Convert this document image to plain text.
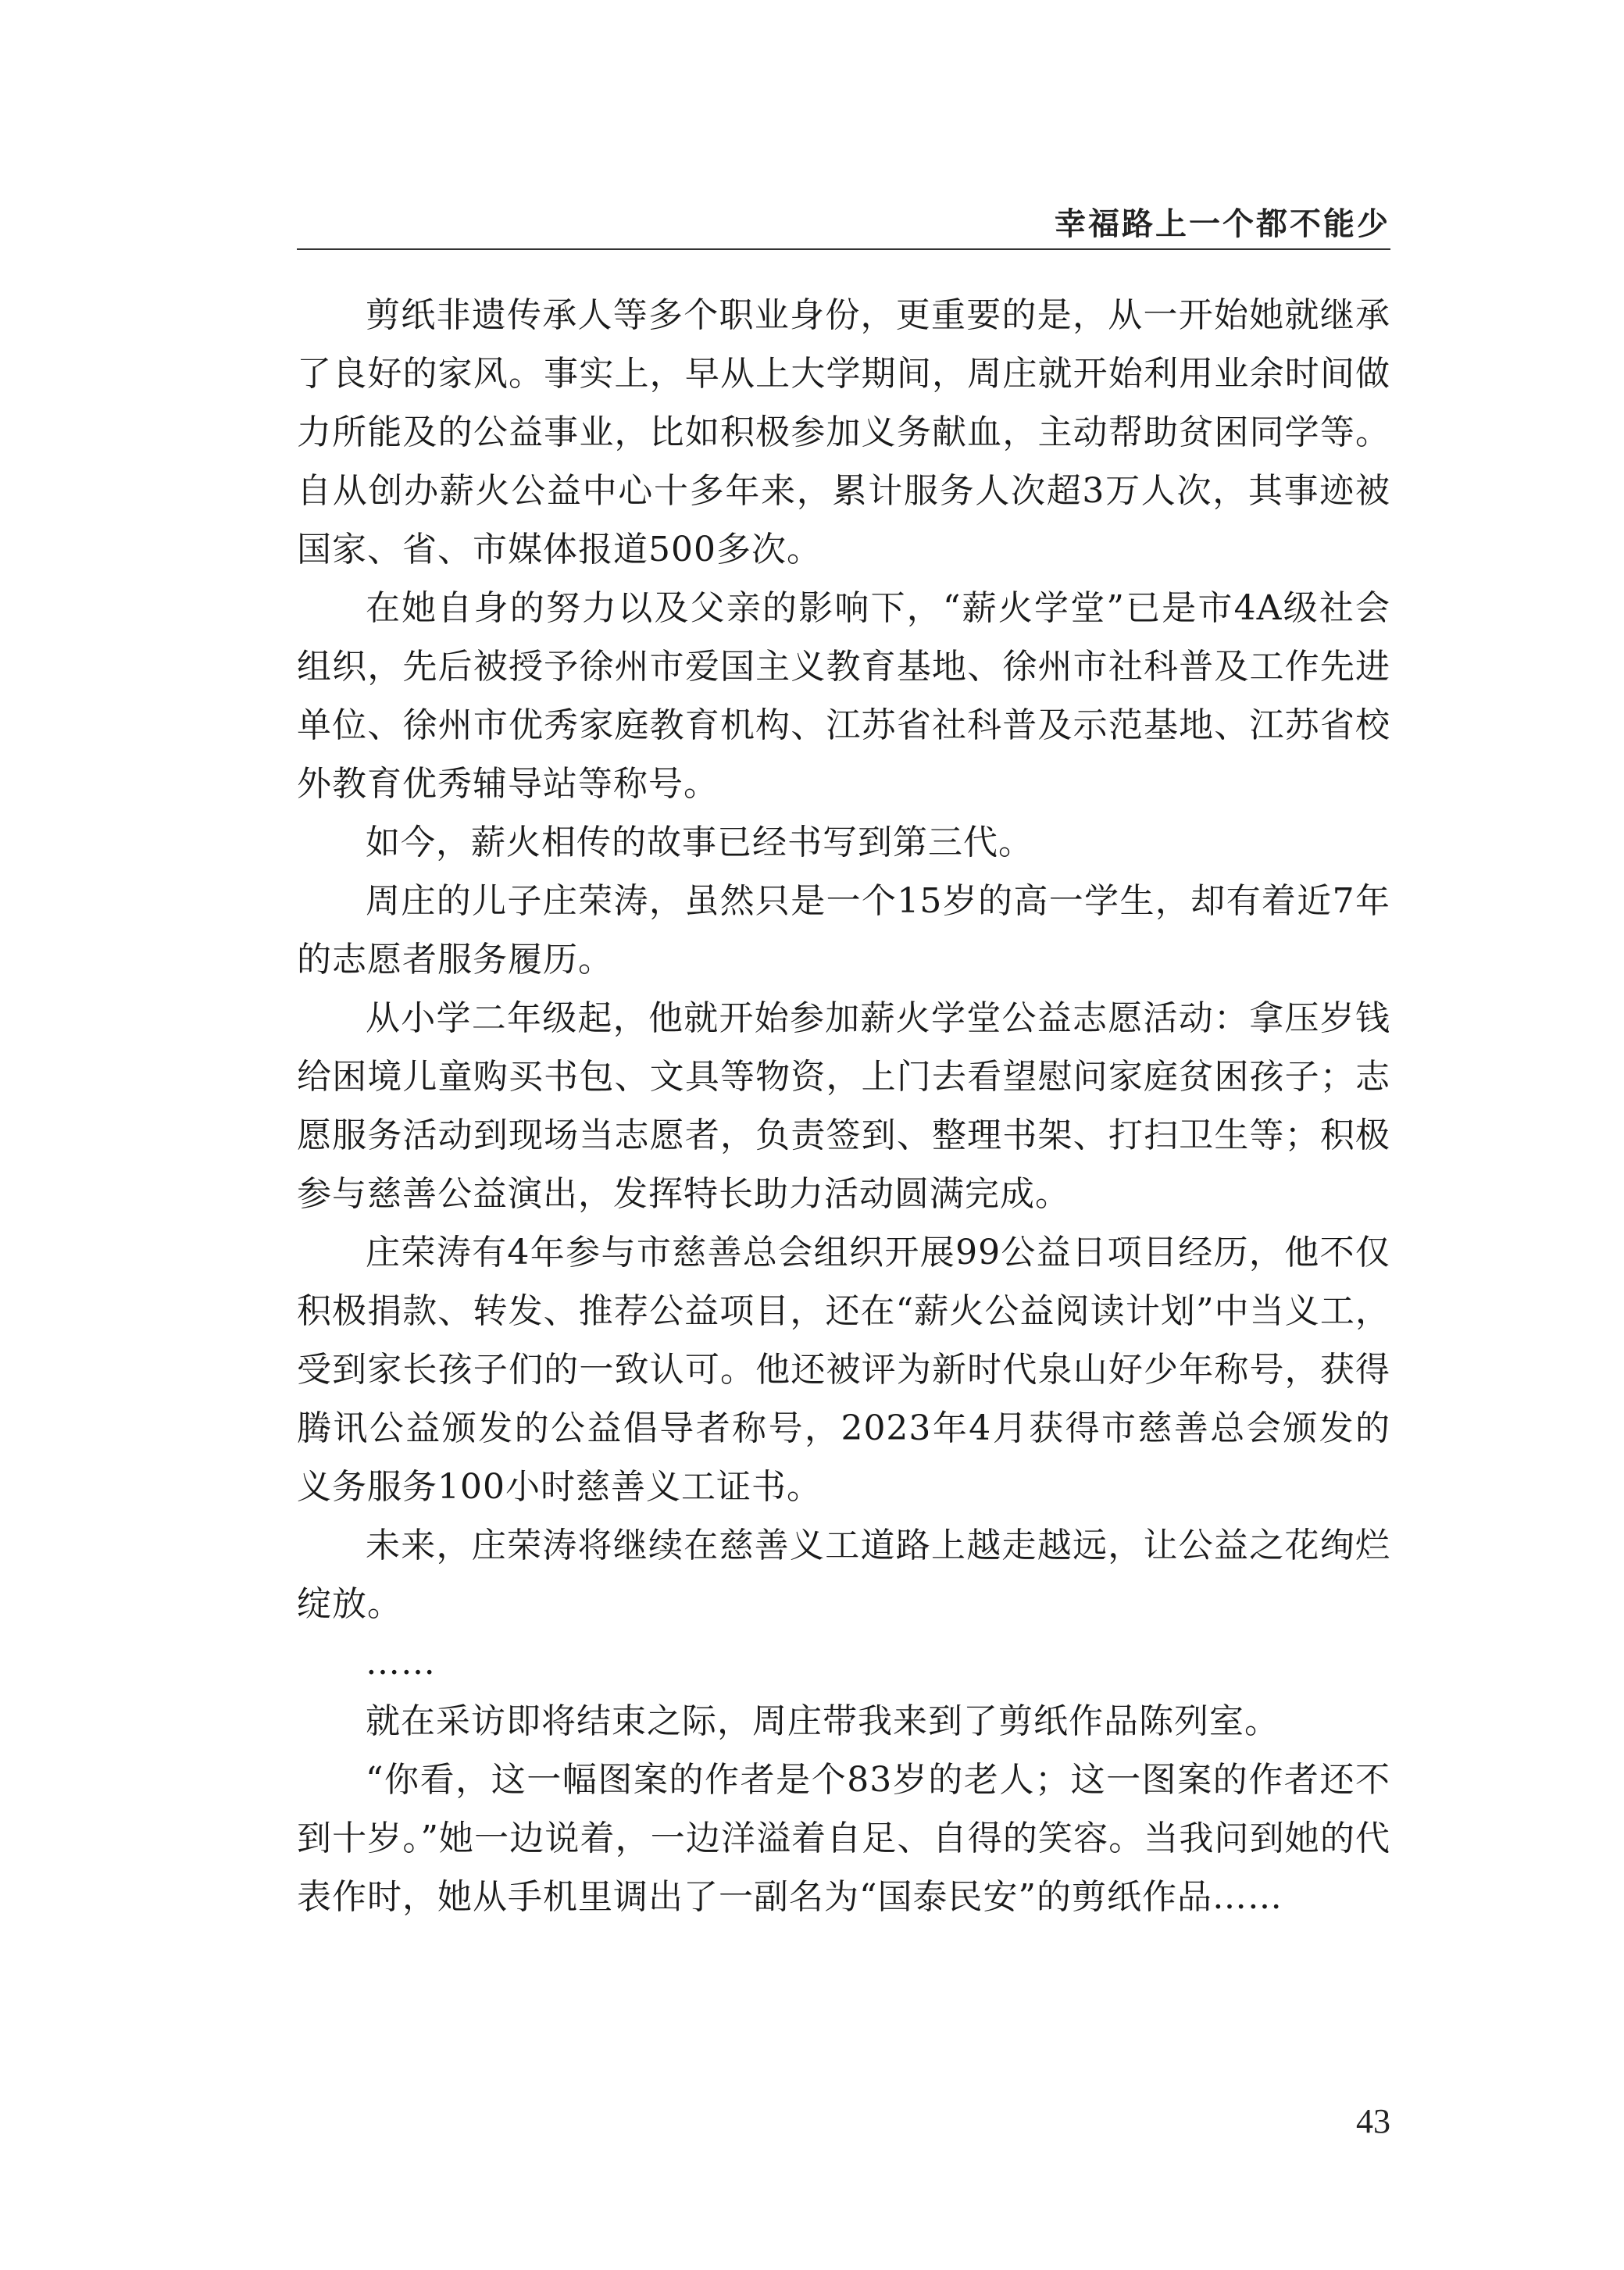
幸福路上一个都不能少

剪纸非遗传承人等多个职业身份，更重要的是，从一开始她就继承了良好的家风。事实上，早从上大学期间，周庄就开始利用业余时间做力所能及的公益事业，比如积极参加义务献血，主动帮助贫困同学等。自从创办薪火公益中心十多年来，累计服务人次超3万人次，其事迹被国家、省、市媒体报道500多次。

在她自身的努力以及父亲的影响下，“薪火学堂”已是市4A级社会组织，先后被授予徐州市爱国主义教育基地、徐州市社科普及工作先进单位、徐州市优秀家庭教育机构、江苏省社科普及示范基地、江苏省校外教育优秀辅导站等称号。

如今，薪火相传的故事已经书写到第三代。

周庄的儿子庄荣涛，虽然只是一个15岁的高一学生，却有着近7年的志愿者服务履历。

从小学二年级起，他就开始参加薪火学堂公益志愿活动：拿压岁钱给困境儿童购买书包、文具等物资，上门去看望慰问家庭贫困孩子；志愿服务活动到现场当志愿者，负责签到、整理书架、打扫卫生等；积极参与慈善公益演出，发挥特长助力活动圆满完成。

庄荣涛有4年参与市慈善总会组织开展99公益日项目经历，他不仅积极捐款、转发、推荐公益项目，还在“薪火公益阅读计划”中当义工，受到家长孩子们的一致认可。他还被评为新时代泉山好少年称号，获得腾讯公益颁发的公益倡导者称号，2023年4月获得市慈善总会颁发的义务服务100小时慈善义工证书。

未来，庄荣涛将继续在慈善义工道路上越走越远，让公益之花绚烂绽放。

……

就在采访即将结束之际，周庄带我来到了剪纸作品陈列室。

“你看，这一幅图案的作者是个83岁的老人；这一图案的作者还不到十岁。”她一边说着，一边洋溢着自足、自得的笑容。当我问到她的代表作时，她从手机里调出了一副名为“国泰民安”的剪纸作品……

43
